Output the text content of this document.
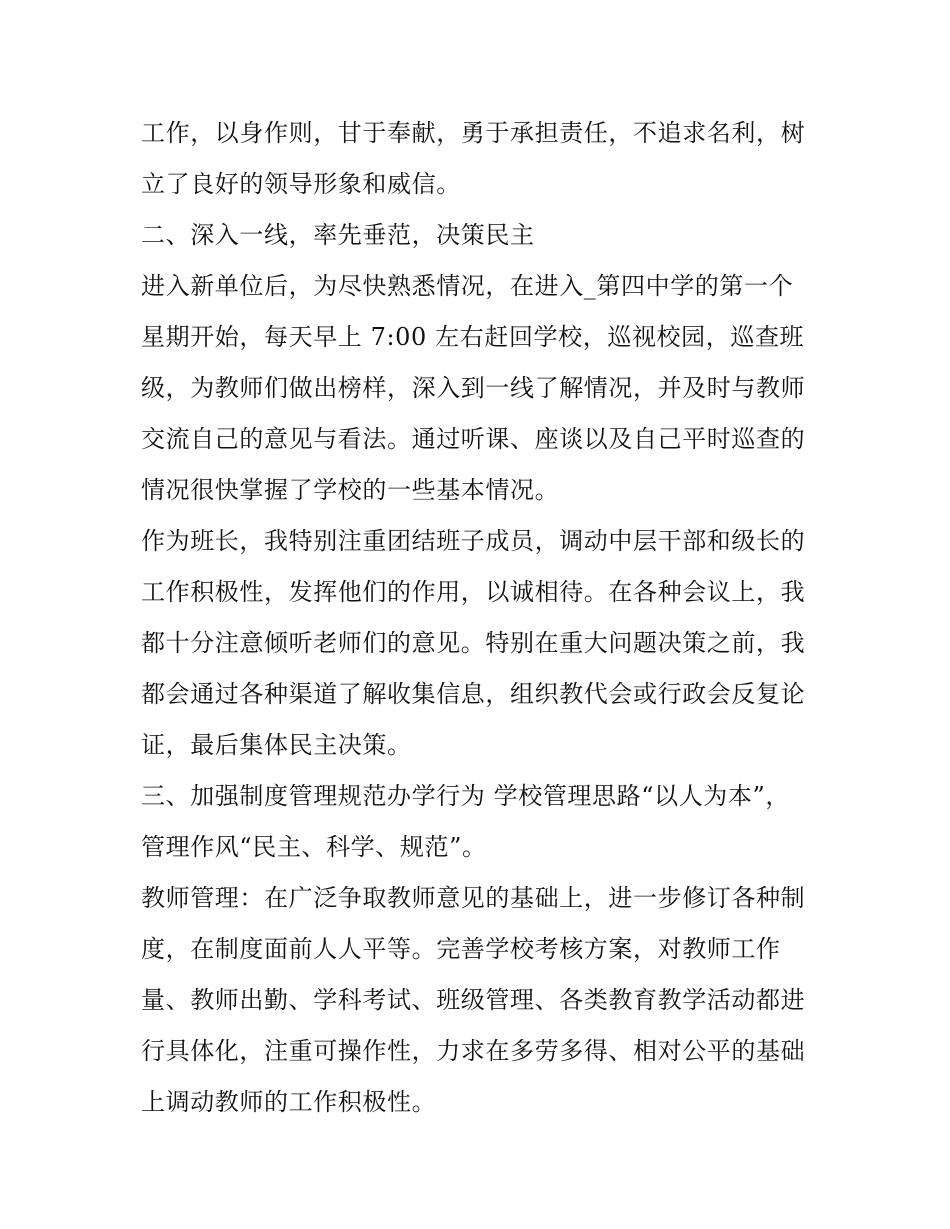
工作，以身作则，甘于奉献，勇于承担责任，不追求名利，树
立了良好的领导形象和威信。
二、深入一线，率先垂范，决策民主
进入新单位后，为尽快熟悉情况，在进入_第四中学的第一个
星期开始，每天早上 7:00 左右赶回学校，巡视校园，巡查班
级，为教师们做出榜样，深入到一线了解情况，并及时与教师
交流自己的意见与看法。通过听课、座谈以及自己平时巡查的
情况很快掌握了学校的一些基本情况。
作为班长，我特别注重团结班子成员，调动中层干部和级长的
工作积极性，发挥他们的作用，以诚相待。在各种会议上，我
都十分注意倾听老师们的意见。特别在重大问题决策之前，我
都会通过各种渠道了解收集信息，组织教代会或行政会反复论
证，最后集体民主决策。
三、加强制度管理规范办学行为 学校管理思路“以人为本”，
管理作风“民主、科学、规范”。
教师管理：在广泛争取教师意见的基础上，进一步修订各种制
度，在制度面前人人平等。完善学校考核方案，对教师工作
量、教师出勤、学科考试、班级管理、各类教育教学活动都进
行具体化，注重可操作性，力求在多劳多得、相对公平的基础
上调动教师的工作积极性。
